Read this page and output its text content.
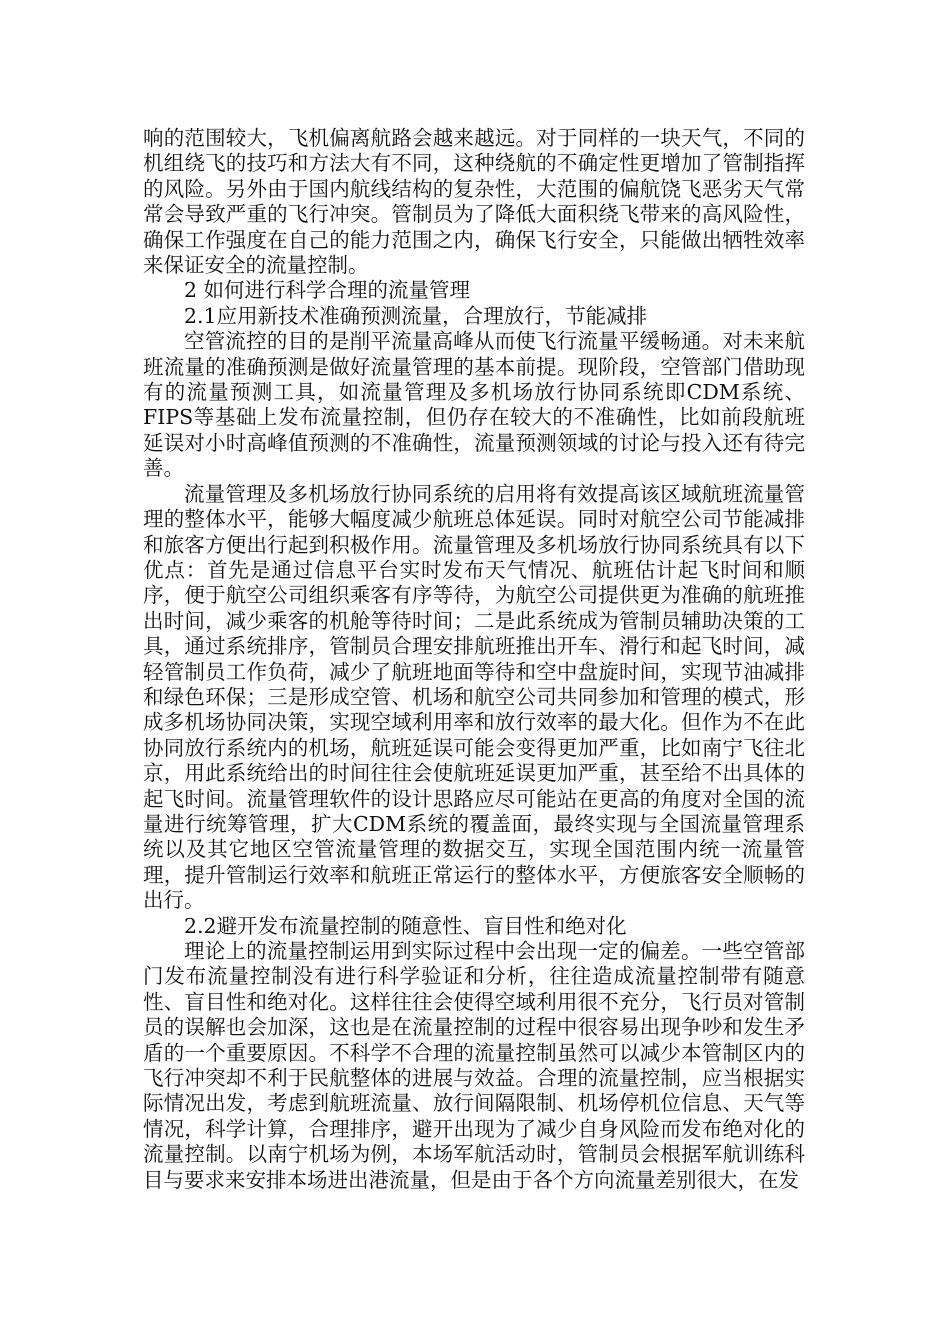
响的范围较大，飞机偏离航路会越来越远。对于同样的一块天气，不同的机组绕飞的技巧和方法大有不同，这种绕航的不确定性更增加了管制指挥的风险。另外由于国内航线结构的复杂性，大范围的偏航饶飞恶劣天气常常会导致严重的飞行冲突。管制员为了降低大面积绕飞带来的高风险性，确保工作强度在自己的能力范围之内，确保飞行安全，只能做出牺牲效率来保证安全的流量控制。

2 如何进行科学合理的流量管理

2.1应用新技术准确预测流量，合理放行，节能减排

空管流控的目的是削平流量高峰从而使飞行流量平缓畅通。对未来航班流量的准确预测是做好流量管理的基本前提。现阶段，空管部门借助现有的流量预测工具，如流量管理及多机场放行协同系统即CDM系统、FIPS等基础上发布流量控制，但仍存在较大的不准确性，比如前段航班延误对小时高峰值预测的不准确性，流量预测领域的讨论与投入还有待完善。

流量管理及多机场放行协同系统的启用将有效提高该区域航班流量管理的整体水平，能够大幅度减少航班总体延误。同时对航空公司节能减排和旅客方便出行起到积极作用。流量管理及多机场放行协同系统具有以下优点：首先是通过信息平台实时发布天气情况、航班估计起飞时间和顺序，便于航空公司组织乘客有序等待，为航空公司提供更为准确的航班推出时间，减少乘客的机舱等待时间；二是此系统成为管制员辅助决策的工具，通过系统排序，管制员合理安排航班推出开车、滑行和起飞时间，减轻管制员工作负荷，减少了航班地面等待和空中盘旋时间，实现节油减排和绿色环保；三是形成空管、机场和航空公司共同参加和管理的模式，形成多机场协同决策，实现空域利用率和放行效率的最大化。但作为不在此协同放行系统内的机场，航班延误可能会变得更加严重，比如南宁飞往北京，用此系统给出的时间往往会使航班延误更加严重，甚至给不出具体的起飞时间。流量管理软件的设计思路应尽可能站在更高的角度对全国的流量进行统筹管理，扩大CDM系统的覆盖面，最终实现与全国流量管理系统以及其它地区空管流量管理的数据交互，实现全国范围内统一流量管理，提升管制运行效率和航班正常运行的整体水平，方便旅客安全顺畅的出行。

2.2避开发布流量控制的随意性、盲目性和绝对化

理论上的流量控制运用到实际过程中会出现一定的偏差。一些空管部门发布流量控制没有进行科学验证和分析，往往造成流量控制带有随意性、盲目性和绝对化。这样往往会使得空域利用很不充分，飞行员对管制员的误解也会加深，这也是在流量控制的过程中很容易出现争吵和发生矛盾的一个重要原因。不科学不合理的流量控制虽然可以减少本管制区内的飞行冲突却不利于民航整体的进展与效益。合理的流量控制，应当根据实际情况出发，考虑到航班流量、放行间隔限制、机场停机位信息、天气等情况，科学计算，合理排序，避开出现为了减少自身风险而发布绝对化的流量控制。以南宁机场为例，本场军航活动时，管制员会根据军航训练科目与要求来安排本场进出港流量，但是由于各个方向流量差别很大，在发
